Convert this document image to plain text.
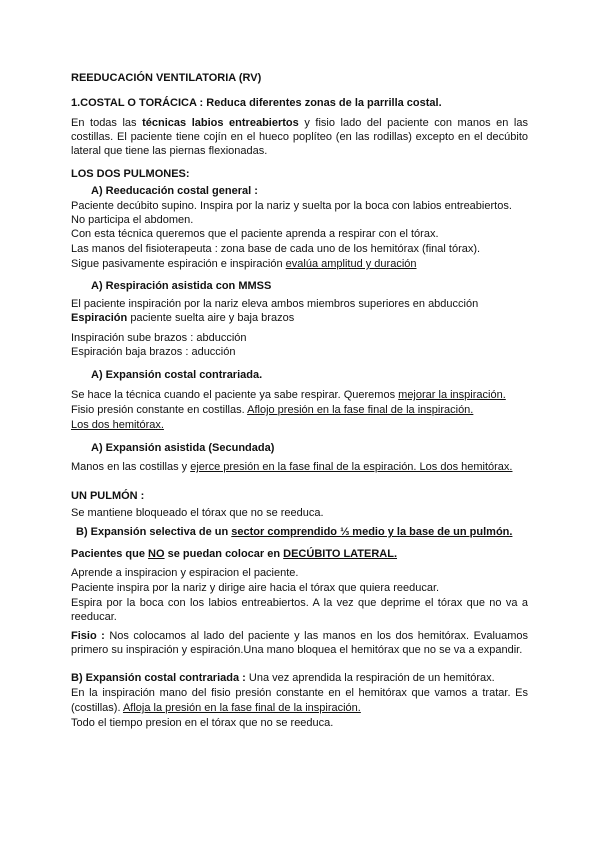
REEDUCACIÓN VENTILATORIA (RV)
1.COSTAL O TORÁCICA : Reduca diferentes zonas de la parrilla costal.
En todas las técnicas labios entreabiertos y fisio lado del paciente con manos en las
costillas. El paciente tiene cojín en el hueco poplíteo (en las rodillas) excepto en el decúbito
lateral que tiene las piernas flexionadas.
LOS DOS PULMONES:
A) Reeducación costal general :
Paciente decúbito supino. Inspira por la nariz y suelta por la boca con labios entreabiertos.
No participa el abdomen.
Con esta técnica queremos que el paciente aprenda a respirar con el tórax.
Las manos del fisioterapeuta : zona base de cada uno de los hemitórax (final tórax).
Sigue pasivamente espiración e inspiración evalúa amplitud y duración
A) Respiración asistida con MMSS
El paciente inspiración por la nariz eleva ambos miembros superiores en abducción
Espiración paciente suelta aire y baja brazos
Inspiración sube brazos : abducción
Espiración baja brazos : aducción
A) Expansión costal contrariada.
Se hace la técnica cuando el paciente ya sabe respirar. Queremos mejorar la inspiración.
Fisio presión constante en costillas. Aflojo presión en la fase final de la inspiración.
Los dos hemitórax.
A) Expansión asistida (Secundada)
Manos en las costillas y ejerce presión en la fase final de la espiración. Los dos hemitórax.
UN PULMÓN :
Se mantiene bloqueado el tórax que no se reeduca.
B) Expansión selectiva de un sector comprendido ⅓ medio y la base de un pulmón.
Pacientes que NO se puedan colocar en DECÚBITO LATERAL.
Aprende a inspiracion y espiracion el paciente.
Paciente inspira por la nariz y dirige aire hacia el tórax que quiera reeducar.
Espira por la boca con los labios entreabiertos. A la vez que deprime el tórax que no va a
reeducar.
Fisio : Nos colocamos al lado del paciente y las manos en los dos hemitórax. Evaluamos
primero su inspiración y espiración.Una mano bloquea el hemitórax que no se va a expandir.
B) Expansión costal contrariada : Una vez aprendida la respiración de un hemitórax.
En la inspiración mano del fisio presión constante en el hemitórax que vamos a tratar. Es
(costillas). Afloja la presión en la fase final de la inspiración.
Todo el tiempo presion en el tórax que no se reeduca.
